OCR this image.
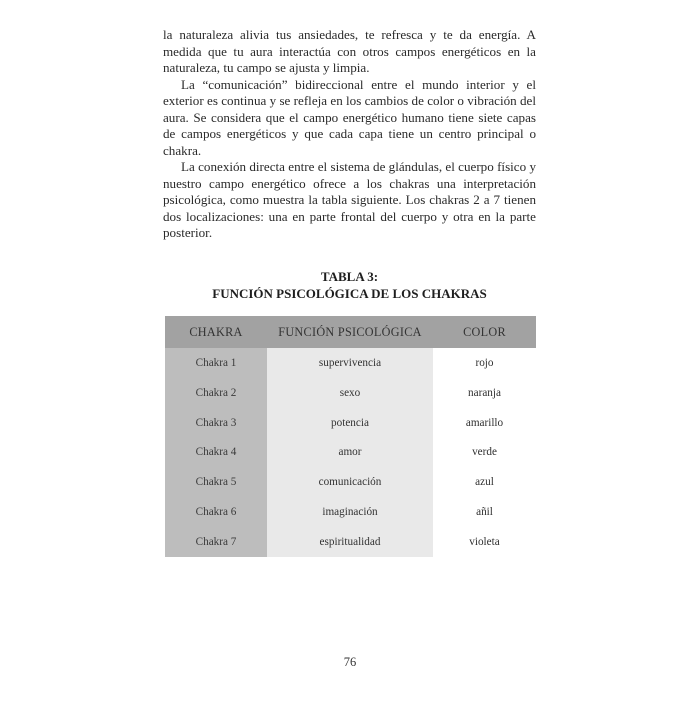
la naturaleza alivia tus ansiedades, te refresca y te da energía. A medida que tu aura interactúa con otros campos energéticos en la naturaleza, tu campo se ajusta y limpia.

La “comunicación” bidireccional entre el mundo interior y el exterior es continua y se refleja en los cambios de color o vibración del aura. Se considera que el campo energético humano tiene siete capas de campos energéticos y que cada capa tiene un centro principal o chakra.

La conexión directa entre el sistema de glándulas, el cuerpo físico y nuestro campo energético ofrece a los chakras una interpretación psicológica, como muestra la tabla siguiente. Los chakras 2 a 7 tienen dos localizaciones: una en parte frontal del cuerpo y otra en la parte posterior.

TABLA 3:
FUNCIÓN PSICOLÓGICA DE LOS CHAKRAS
CHAKRA	FUNCIÓN PSICOLÓGICA	COLOR
Chakra 1	supervivencia	rojo
Chakra 2	sexo	naranja
Chakra 3	potencia	amarillo
Chakra 4	amor	verde
Chakra 5	comunicación	azul
Chakra 6	imaginación	añil
Chakra 7	espiritualidad	violeta
76
